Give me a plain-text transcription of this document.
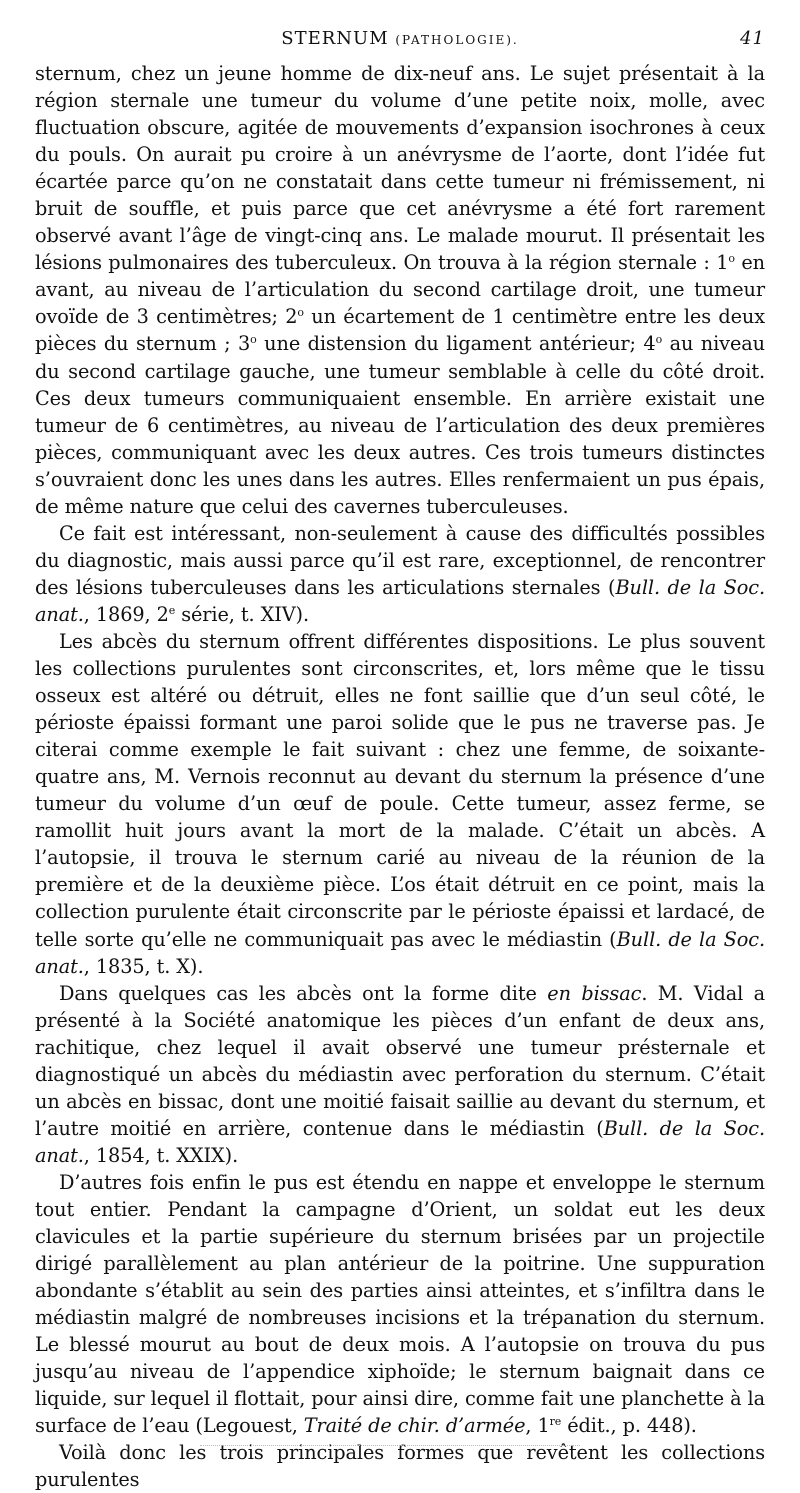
STERNUM (PATHOLOGIE).	41

sternum, chez un jeune homme de dix-neuf ans. Le sujet présentait à la région sternale une tumeur du volume d’une petite noix, molle, avec fluctuation obscure, agitée de mouvements d’expansion isochrones à ceux du pouls. On aurait pu croire à un anévrysme de l’aorte, dont l’idée fut écartée parce qu’on ne constatait dans cette tumeur ni frémissement, ni bruit de souffle, et puis parce que cet anévrysme a été fort rarement observé avant l’âge de vingt-cinq ans. Le malade mourut. Il présentait les lésions pulmonaires des tuberculeux. On trouva à la région sternale : 1$^o$ en avant, au niveau de l’articulation du second cartilage droit, une tumeur ovoïde de 3 centimètres; 2$^o$ un écartement de 1 centimètre entre les deux pièces du sternum ; 3$^o$ une distension du ligament antérieur; 4$^o$ au niveau du second cartilage gauche, une tumeur semblable à celle du côté droit. Ces deux tumeurs communiquaient ensemble. En arrière existait une tumeur de 6 centimètres, au niveau de l’articulation des deux premières pièces, communiquant avec les deux autres. Ces trois tumeurs distinctes s’ouvraient donc les unes dans les autres. Elles renfermaient un pus épais, de même nature que celui des cavernes tuberculeuses.

Ce fait est intéressant, non-seulement à cause des difficultés possibles du diagnostic, mais aussi parce qu’il est rare, exceptionnel, de rencontrer des lésions tuberculeuses dans les articulations sternales (Bull. de la Soc. anat., 1869, 2e série, t. XIV).

Les abcès du sternum offrent différentes dispositions. Le plus souvent les collections purulentes sont circonscrites, et, lors même que le tissu osseux est altéré ou détruit, elles ne font saillie que d’un seul côté, le périoste épaissi formant une paroi solide que le pus ne traverse pas. Je citerai comme exemple le fait suivant : chez une femme, de soixante-quatre ans, M. Vernois reconnut au devant du sternum la présence d’une tumeur du volume d’un œuf de poule. Cette tumeur, assez ferme, se ramollit huit jours avant la mort de la malade. C’était un abcès. A l’autopsie, il trouva le sternum carié au niveau de la réunion de la première et de la deuxième pièce. L’os était détruit en ce point, mais la collection purulente était circonscrite par le périoste épaissi et lardacé, de telle sorte qu’elle ne communiquait pas avec le médiastin (Bull. de la Soc. anat., 1835, t. X).

Dans quelques cas les abcès ont la forme dite en bissac. M. Vidal a présenté à la Société anatomique les pièces d’un enfant de deux ans, rachitique, chez lequel il avait observé une tumeur présternale et diagnostiqué un abcès du médiastin avec perforation du sternum. C’était un abcès en bissac, dont une moitié faisait saillie au devant du sternum, et l’autre moitié en arrière, contenue dans le médiastin (Bull. de la Soc. anat., 1854, t. XXIX).

D’autres fois enfin le pus est étendu en nappe et enveloppe le sternum tout entier. Pendant la campagne d’Orient, un soldat eut les deux clavicules et la partie supérieure du sternum brisées par un projectile dirigé parallèlement au plan antérieur de la poitrine. Une suppuration abondante s’établit au sein des parties ainsi atteintes, et s’infiltra dans le médiastin malgré de nombreuses incisions et la trépanation du sternum. Le blessé mourut au bout de deux mois. A l’autopsie on trouva du pus jusqu’au niveau de l’appendice xiphoïde; le sternum baignait dans ce liquide, sur lequel il flottait, pour ainsi dire, comme fait une planchette à la surface de l’eau (Legouest, Traité de chir. d’armée, 1re édit., p. 448).

Voilà donc les trois principales formes que revêtent les collections purulentes
